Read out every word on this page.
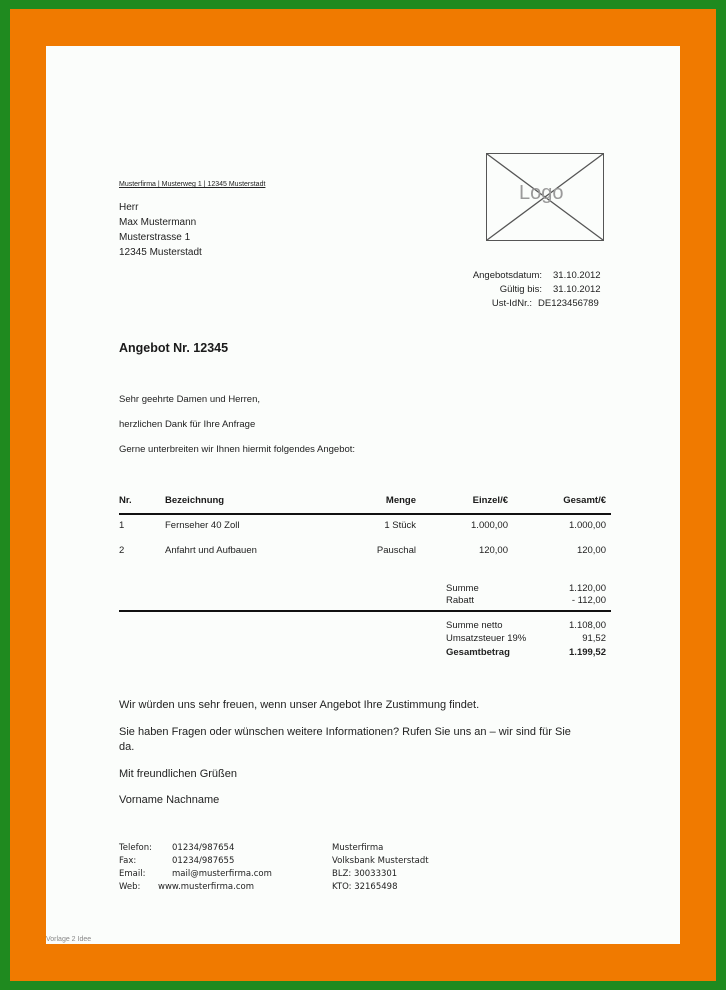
Musterfirma | Musterweg 1 | 12345 Musterstadt
Herr
Max Mustermann
Musterstrasse 1
12345 Musterstadt
Logo
Angebotsdatum: 31.10.2012
Gültig bis: 31.10.2012
Ust-IdNr.: DE123456789
Angebot Nr. 12345
Sehr geehrte Damen und Herren,
herzlichen Dank für Ihre Anfrage
Gerne unterbreiten wir Ihnen hiermit folgendes Angebot:
Nr.	Bezeichnung	Menge	Einzel/€	Gesamt/€
1	Fernseher 40 Zoll	1 Stück	1.000,00	1.000,00
2	Anfahrt und Aufbauen	Pauschal	120,00	120,00
Summe	1.120,00
Rabatt	- 112,00
Summe netto	1.108,00
Umsatzsteuer 19%	91,52
Gesamtbetrag	1.199,52
Wir würden uns sehr freuen, wenn unser Angebot Ihre Zustimmung findet.
Sie haben Fragen oder wünschen weitere Informationen? Rufen Sie uns an – wir sind für Sie
da.
Mit freundlichen Grüßen
Vorname Nachname
Telefon: 01234/987654
Fax:	01234/987655
Email:	mail@musterfirma.com
Web: www.musterfirma.com
Musterfirma
Volksbank Musterstadt
BLZ: 30033301
KTO: 32165498
Vorlage 2 Idee
